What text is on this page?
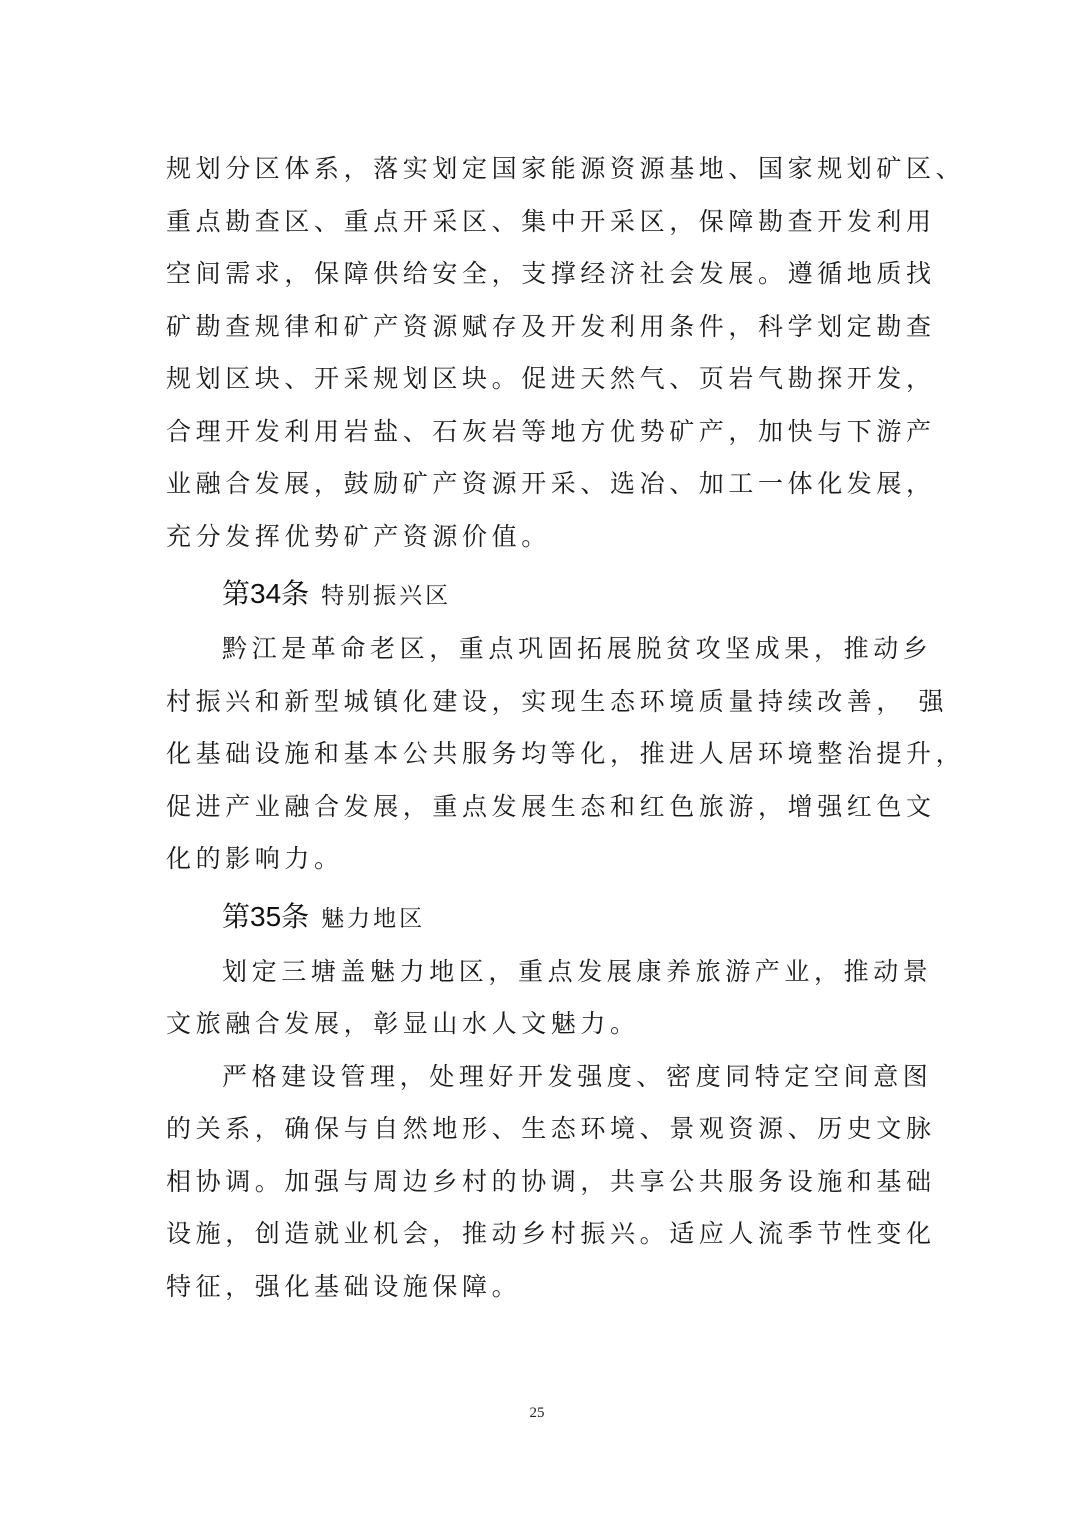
规划分区体系，落实划定国家能源资源基地、国家规划矿区、
重点勘查区、重点开采区、集中开采区，保障勘查开发利用
空间需求，保障供给安全，支撑经济社会发展。遵循地质找
矿勘查规律和矿产资源赋存及开发利用条件，科学划定勘查
规划区块、开采规划区块。促进天然气、页岩气勘探开发，
合理开发利用岩盐、石灰岩等地方优势矿产，加快与下游产
业融合发展，鼓励矿产资源开采、选冶、加工一体化发展，
充分发挥优势矿产资源价值。
第34条 特别振兴区
黔江是革命老区，重点巩固拓展脱贫攻坚成果，推动乡
村振兴和新型城镇化建设，实现生态环境质量持续改善， 强
化基础设施和基本公共服务均等化，推进人居环境整治提升，
促进产业融合发展，重点发展生态和红色旅游，增强红色文
化的影响力。
第35条 魅力地区
划定三塘盖魅力地区，重点发展康养旅游产业，推动景
文旅融合发展，彰显山水人文魅力。
严格建设管理，处理好开发强度、密度同特定空间意图
的关系，确保与自然地形、生态环境、景观资源、历史文脉
相协调。加强与周边乡村的协调，共享公共服务设施和基础
设施，创造就业机会，推动乡村振兴。适应人流季节性变化
特征，强化基础设施保障。
25
